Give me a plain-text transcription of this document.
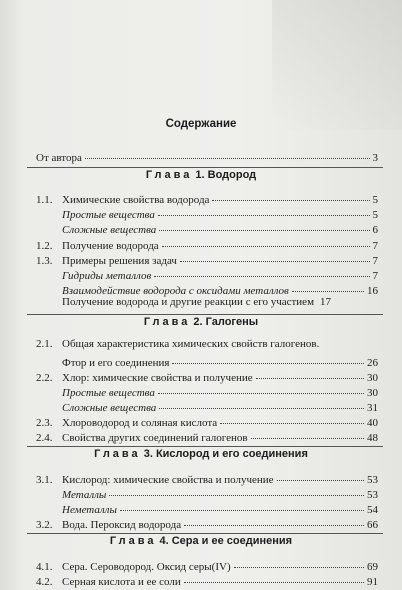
Содержание
От автора	3
Глава 1. Водород
1.1. Химические свойства водорода	5
Простые вещества	5
Сложные вещества	6
1.2. Получение водорода	7
1.3. Примеры решения задач	7
Гидриды металлов	7
Взаимодействие водорода с оксидами металлов	16
Получение водорода и другие реакции с его участием 17
Глава 2. Галогены
2.1. Общая характеристика химических свойств галогенов.
Фтор и его соединения	26
2.2. Хлор: химические свойства и получение	30
Простые вещества	30
Сложные вещества	31
2.3. Хлороводород и соляная кислота	40
2.4. Свойства других соединений галогенов	48
Глава 3. Кислород и его соединения
3.1. Кислород: химические свойства и получение	53
Металлы	53
Неметаллы	54
3.2. Вода. Пероксид водорода	66
Глава 4. Сера и ее соединения
4.1. Сера. Сероводород. Оксид серы(IV)	69
4.2. Серная кислота и ее соли	91
